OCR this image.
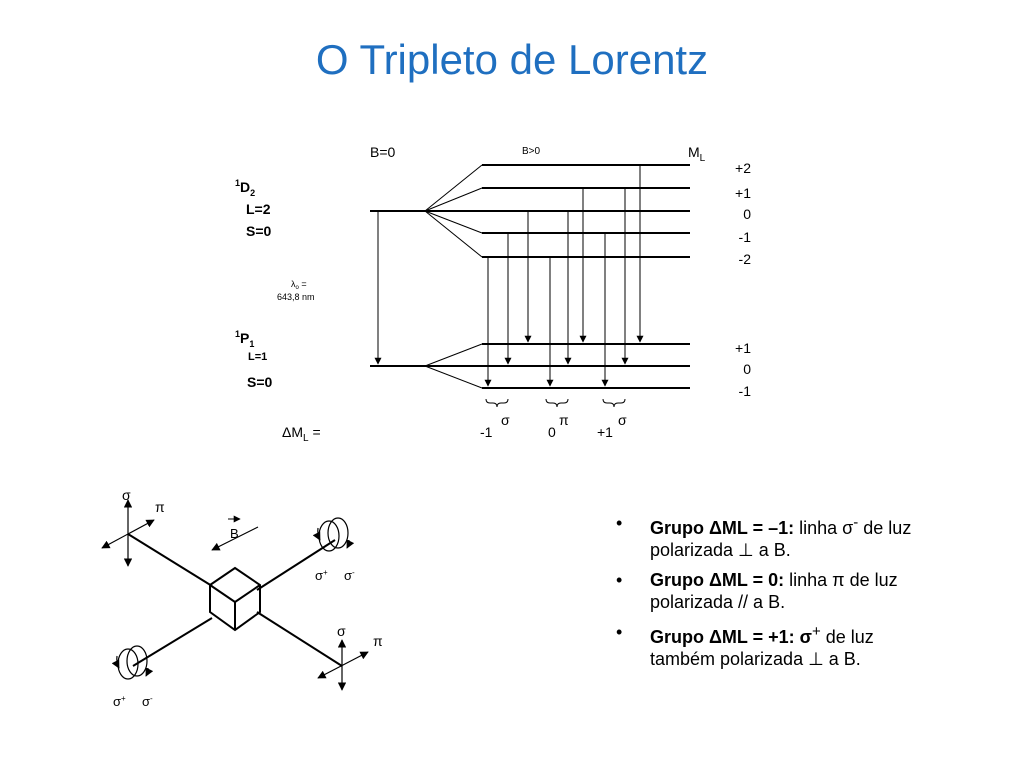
O Tripleto de Lorentz
B=0	B>0	$M_L$
$^1D_2$
L=2
S=0
$\lambda_o$ =
643,8 nm
$^1P_1$
L=1
S=0
+2
+1
0
-1
-2
+1
0
-1
$\Delta M_L$ =	-1
σ
0
π
+1
σ
σ
π
B
σ+ σ-
σ
π
σ+ σ-
• Grupo ΔML = –1: linha σ- de luz polarizada ⊥ a B.
• Grupo ΔML = 0: linha π de luz polarizada // a B.
• Grupo ΔML = +1: σ+ de luz também polarizada ⊥ a B.
